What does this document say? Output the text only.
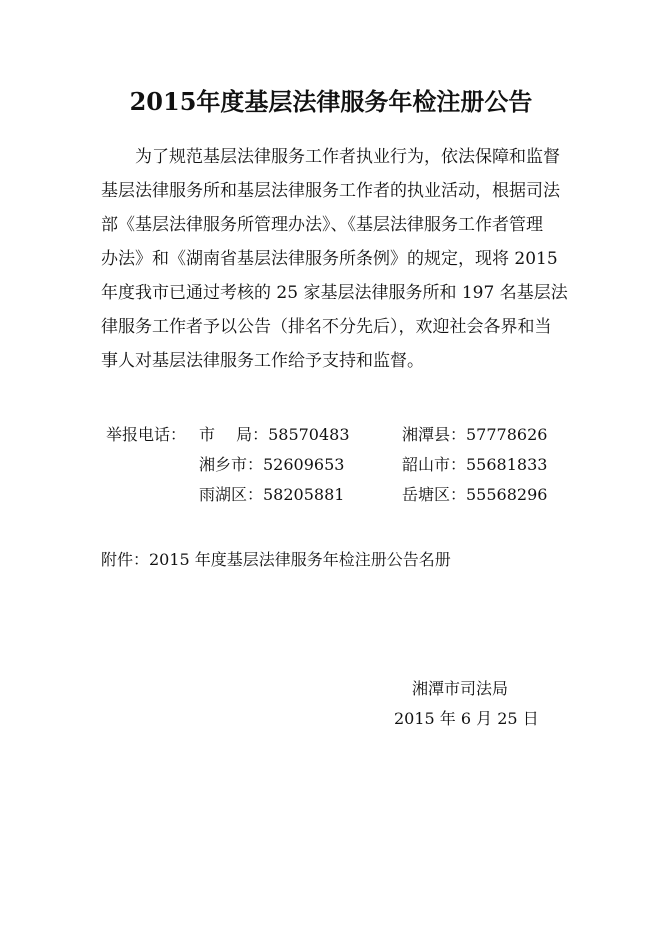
2015年度基层法律服务年检注册公告
为了规范基层法律服务工作者执业行为，依法保障和监督
基层法律服务所和基层法律服务工作者的执业活动，根据司法
部《基层法律服务所管理办法》、《基层法律服务工作者管理
办法》和《湖南省基层法律服务所条例》的规定，现将 2015
年度我市已通过考核的 25 家基层法律服务所和 197 名基层法
律服务工作者予以公告（排名不分先后），欢迎社会各界和当
事人对基层法律服务工作给予支持和监督。
举报电话： 市　 局：58570483	湘潭县：57778626
湘乡市：52609653	韶山市：55681833
雨湖区：58205881	岳塘区：55568296
附件：2015 年度基层法律服务年检注册公告名册
湘潭市司法局
2015 年 6 月 25 日
